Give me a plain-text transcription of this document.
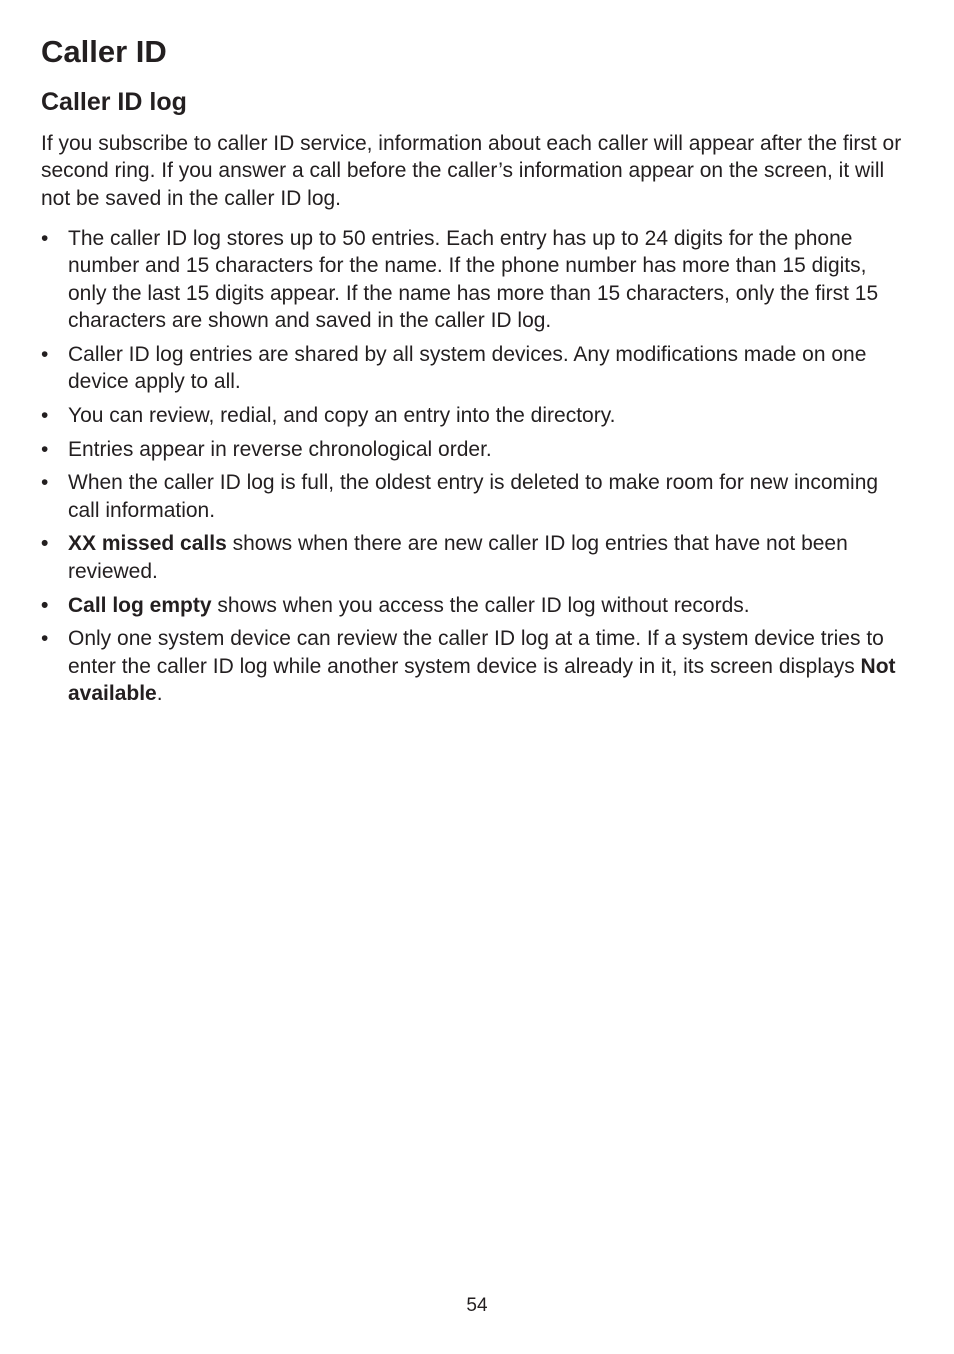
Caller ID
Caller ID log

If you subscribe to caller ID service, information about each caller will appear after the first or second ring. If you answer a call before the caller’s information appear on the screen, it will not be saved in the caller ID log.

• The caller ID log stores up to 50 entries. Each entry has up to 24 digits for the phone number and 15 characters for the name. If the phone number has more than 15 digits, only the last 15 digits appear. If the name has more than 15 characters, only the first 15 characters are shown and saved in the caller ID log.
• Caller ID log entries are shared by all system devices. Any modifications made on one device apply to all.
• You can review, redial, and copy an entry into the directory.
• Entries appear in reverse chronological order.
• When the caller ID log is full, the oldest entry is deleted to make room for new incoming call information.
• XX missed calls shows when there are new caller ID log entries that have not been reviewed.
• Call log empty shows when you access the caller ID log without records.
• Only one system device can review the caller ID log at a time. If a system device tries to enter the caller ID log while another system device is already in it, its screen displays Not available.
54
